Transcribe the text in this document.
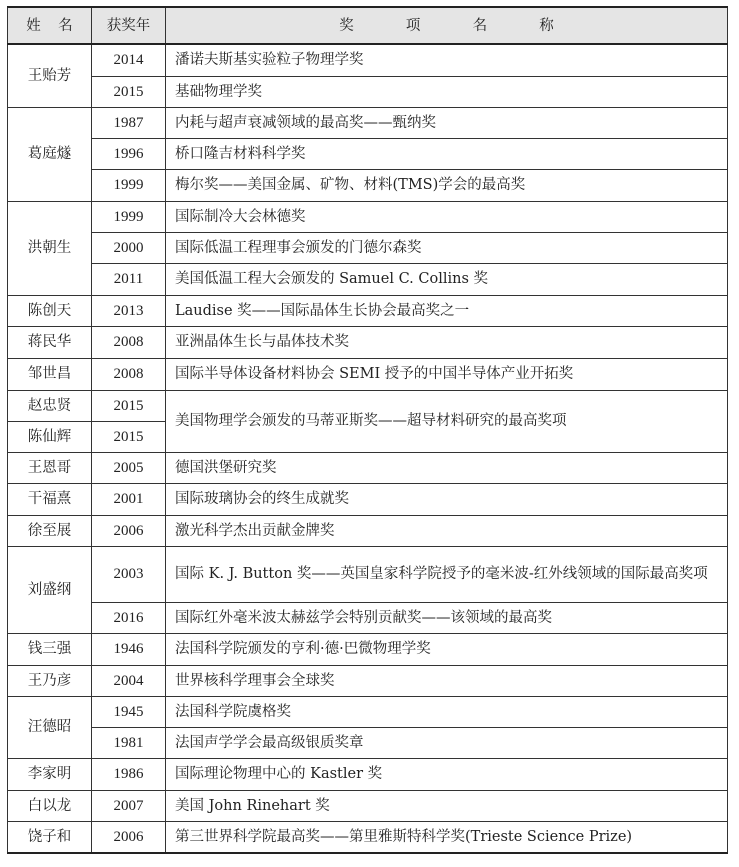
姓名	获奖年	奖项名称
王贻芳	2014	潘诺夫斯基实验粒子物理学奖
	2015	基础物理学奖
葛庭燧	1987	内耗与超声衰减领域的最高奖——甄纳奖
	1996	桥口隆吉材料科学奖
	1999	梅尔奖——美国金属、矿物、材料(TMS)学会的最高奖
洪朝生	1999	国际制冷大会林德奖
	2000	国际低温工程理事会颁发的门德尔森奖
	2011	美国低温工程大会颁发的 Samuel C. Collins 奖
陈创天	2013	Laudise 奖——国际晶体生长协会最高奖之一
蒋民华	2008	亚洲晶体生长与晶体技术奖
邹世昌	2008	国际半导体设备材料协会 SEMI 授予的中国半导体产业开拓奖
赵忠贤	2015	美国物理学会颁发的马蒂亚斯奖——超导材料研究的最高奖项
陈仙辉	2015	
王恩哥	2005	德国洪堡研究奖
干福熹	2001	国际玻璃协会的终生成就奖
徐至展	2006	激光科学杰出贡献金牌奖
刘盛纲	2003	国际 K. J. Button 奖——英国皇家科学院授予的毫米波-红外线领域的国际最高奖项
	2016	国际红外毫米波太赫兹学会特别贡献奖——该领域的最高奖
钱三强	1946	法国科学院颁发的亨利·德·巴微物理学奖
王乃彦	2004	世界核科学理事会全球奖
汪德昭	1945	法国科学院虞格奖
	1981	法国声学学会最高级银质奖章
李家明	1986	国际理论物理中心的 Kastler 奖
白以龙	2007	美国 John Rinehart 奖
饶子和	2006	第三世界科学院最高奖——第里雅斯特科学奖(Trieste Science Prize)
